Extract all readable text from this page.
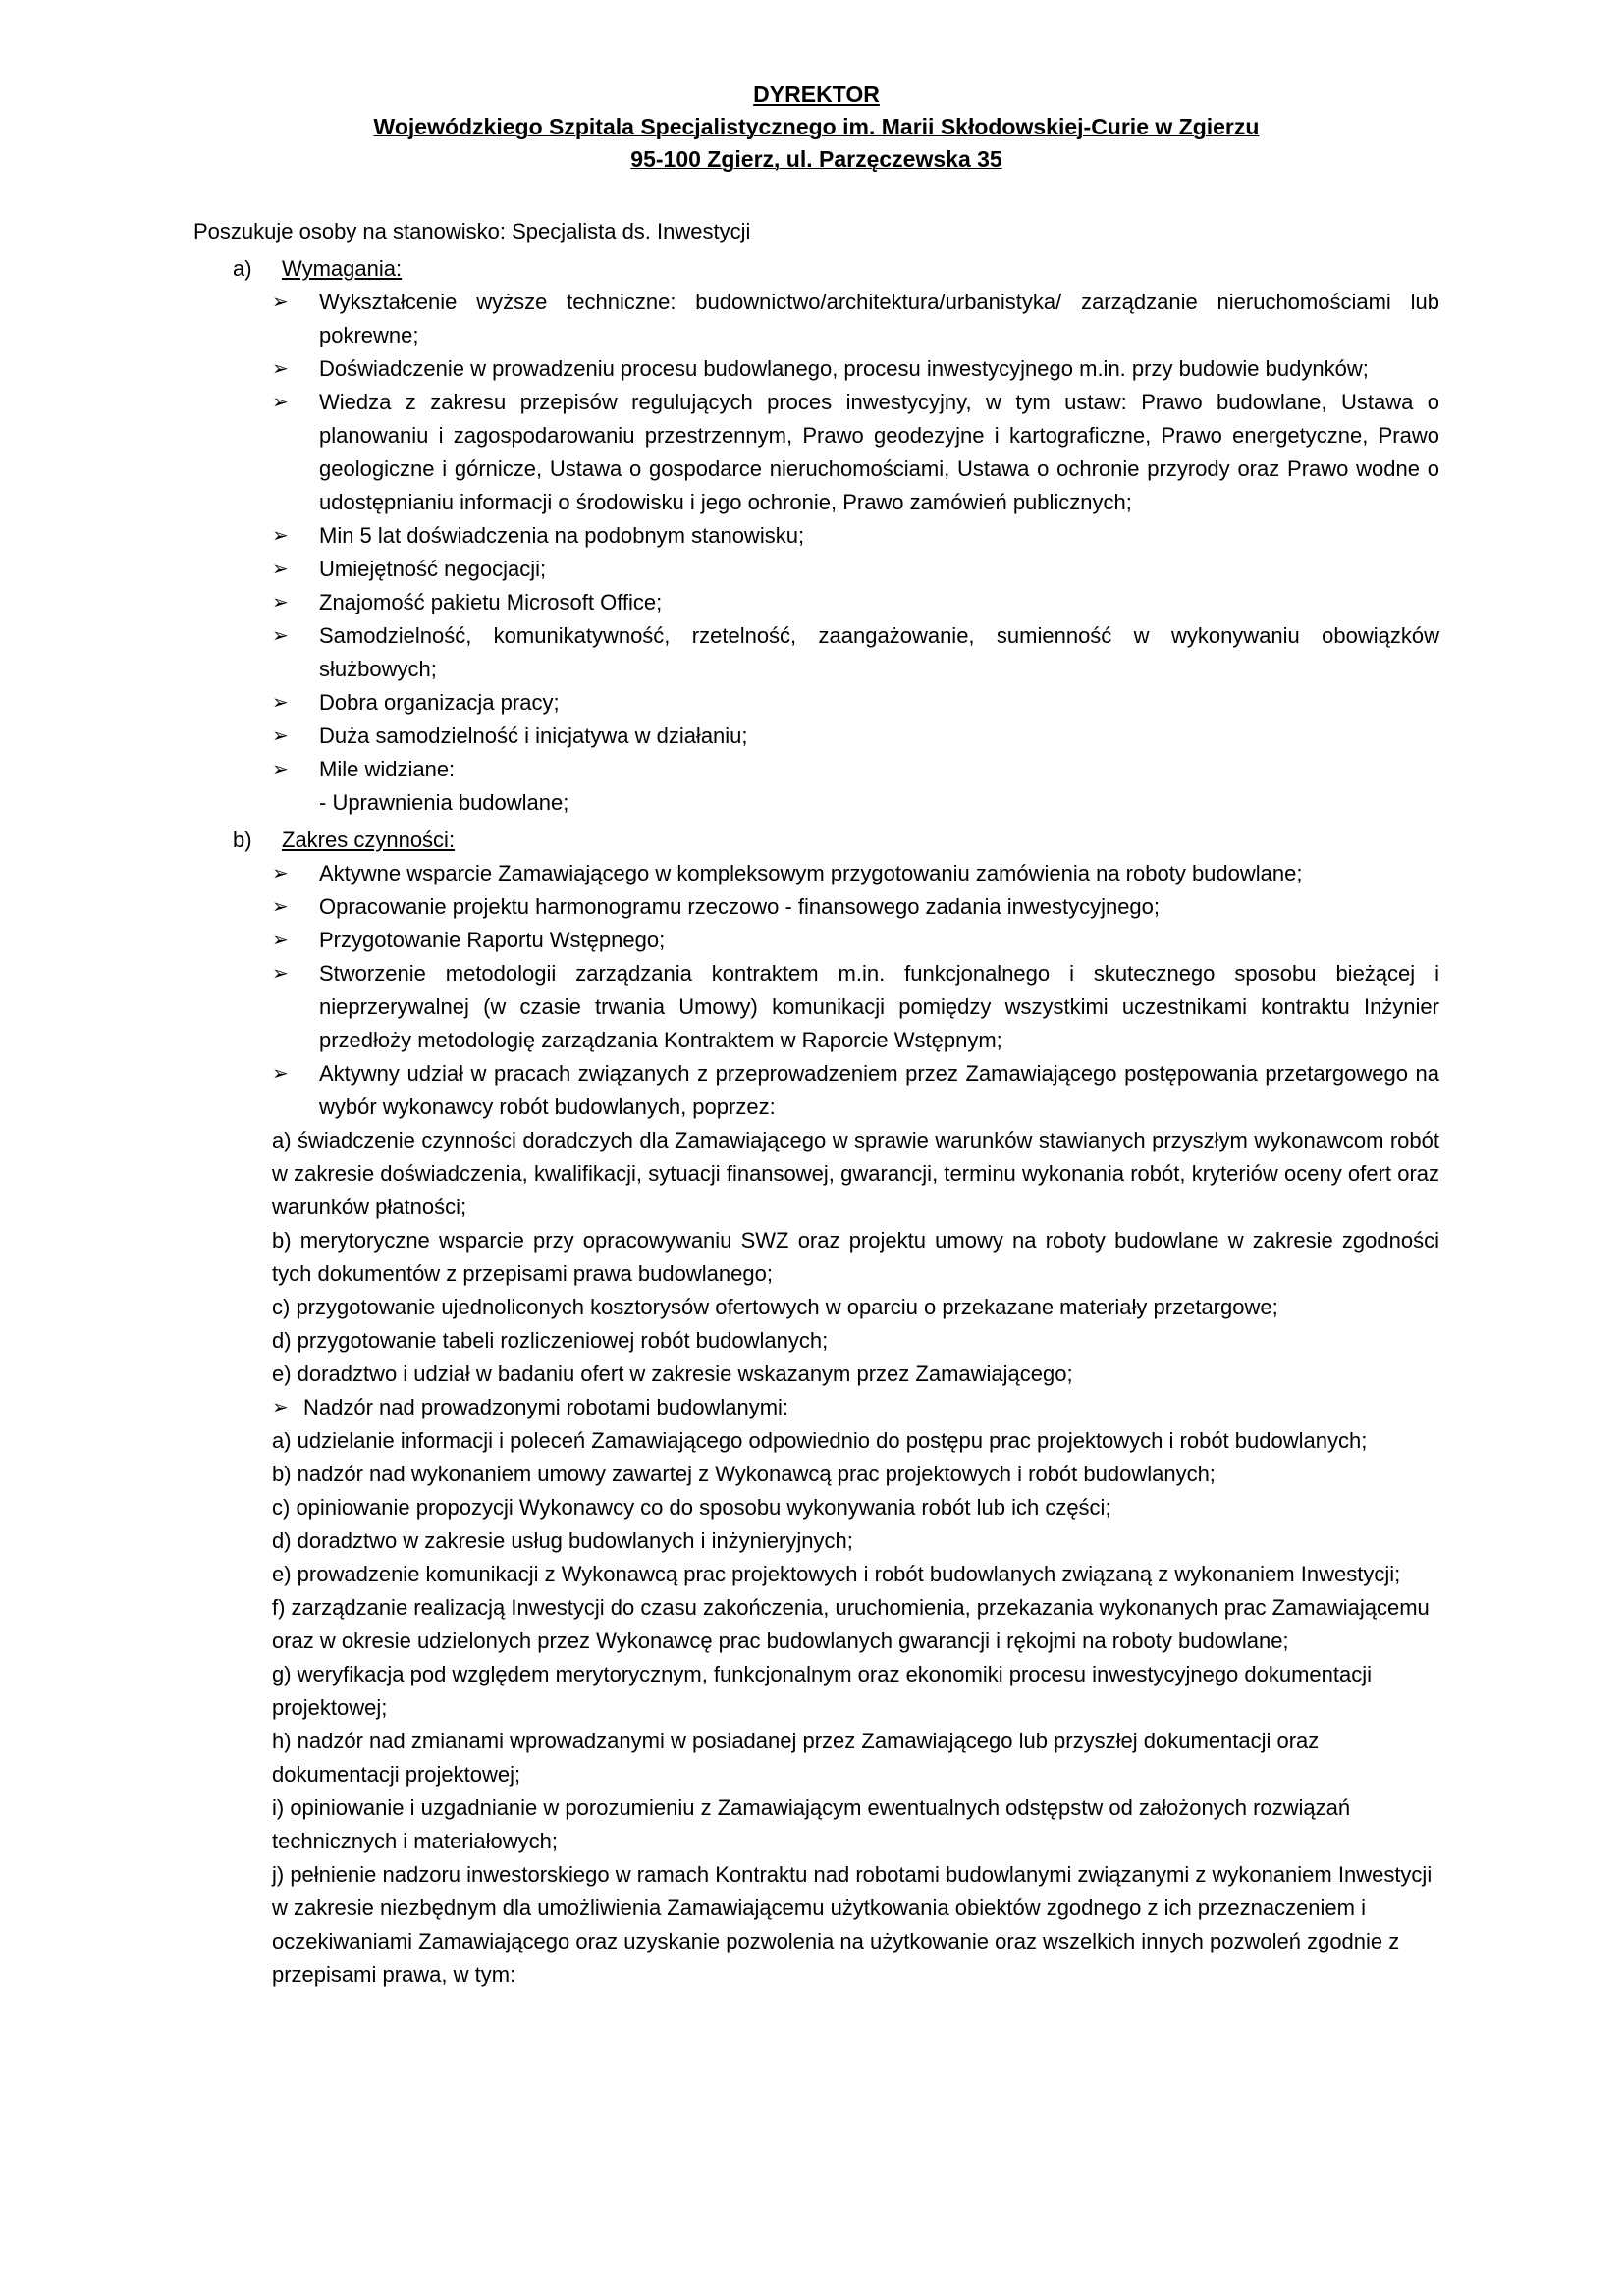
DYREKTOR
Wojewódzkiego Szpitala Specjalistycznego im. Marii Skłodowskiej-Curie w Zgierzu
95-100 Zgierz, ul. Parzęczewska 35
Poszukuje osoby na stanowisko: Specjalista ds. Inwestycji
a) Wymagania:
➢ Wykształcenie wyższe techniczne: budownictwo/architektura/urbanistyka/ zarządzanie nieruchomościami lub pokrewne;
➢ Doświadczenie w prowadzeniu procesu budowlanego, procesu inwestycyjnego m.in. przy budowie budynków;
➢ Wiedza z zakresu przepisów regulujących proces inwestycyjny, w tym ustaw: Prawo budowlane, Ustawa o planowaniu i zagospodarowaniu przestrzennym, Prawo geodezyjne i kartograficzne, Prawo energetyczne, Prawo geologiczne i górnicze, Ustawa o gospodarce nieruchomościami, Ustawa o ochronie przyrody oraz Prawo wodne o udostępnianiu informacji o środowisku i jego ochronie, Prawo zamówień publicznych;
➢ Min 5 lat doświadczenia na podobnym stanowisku;
➢ Umiejętność negocjacji;
➢ Znajomość pakietu Microsoft Office;
➢ Samodzielność, komunikatywność, rzetelność, zaangażowanie, sumienność w wykonywaniu obowiązków służbowych;
➢ Dobra organizacja pracy;
➢ Duża samodzielność i inicjatywa w działaniu;
➢ Mile widziane:
- Uprawnienia budowlane;
b) Zakres czynności:
➢ Aktywne wsparcie Zamawiającego w kompleksowym przygotowaniu zamówienia na roboty budowlane;
➢ Opracowanie projektu harmonogramu rzeczowo - finansowego zadania inwestycyjnego;
➢ Przygotowanie Raportu Wstępnego;
➢ Stworzenie metodologii zarządzania kontraktem m.in. funkcjonalnego i skutecznego sposobu bieżącej i nieprzerywalnej (w czasie trwania Umowy) komunikacji pomiędzy wszystkimi uczestnikami kontraktu Inżynier przedłoży metodologię zarządzania Kontraktem w Raporcie Wstępnym;
➢ Aktywny udział w pracach związanych z przeprowadzeniem przez Zamawiającego postępowania przetargowego na wybór wykonawcy robót budowlanych, poprzez:

a) świadczenie czynności doradczych dla Zamawiającego w sprawie warunków stawianych przyszłym wykonawcom robót w zakresie doświadczenia, kwalifikacji, sytuacji finansowej, gwarancji, terminu wykonania robót, kryteriów oceny ofert oraz warunków płatności;

b) merytoryczne wsparcie przy opracowywaniu SWZ oraz projektu umowy na roboty budowlane w zakresie zgodności tych dokumentów z przepisami prawa budowlanego;

c) przygotowanie ujednoliconych kosztorysów ofertowych w oparciu o przekazane materiały przetargowe;

d) przygotowanie tabeli rozliczeniowej robót budowlanych;

e) doradztwo i udział w badaniu ofert w zakresie wskazanym przez Zamawiającego;

➢ Nadzór nad prowadzonymi robotami budowlanymi:

a) udzielanie informacji i poleceń Zamawiającego odpowiednio do postępu prac projektowych i robót budowlanych;

b) nadzór nad wykonaniem umowy zawartej z Wykonawcą prac projektowych i robót budowlanych;

c) opiniowanie propozycji Wykonawcy co do sposobu wykonywania robót lub ich części;

d) doradztwo w zakresie usług budowlanych i inżynieryjnych;

e) prowadzenie komunikacji z Wykonawcą prac projektowych i robót budowlanych związaną z wykonaniem Inwestycji;

f) zarządzanie realizacją Inwestycji do czasu zakończenia, uruchomienia, przekazania wykonanych prac Zamawiającemu oraz w okresie udzielonych przez Wykonawcę prac budowlanych gwarancji i rękojmi na roboty budowlane;

g) weryfikacja pod względem merytorycznym, funkcjonalnym oraz ekonomiki procesu inwestycyjnego dokumentacji projektowej;

h) nadzór nad zmianami wprowadzanymi w posiadanej przez Zamawiającego lub przyszłej dokumentacji oraz dokumentacji projektowej;

i) opiniowanie i uzgadnianie w porozumieniu z Zamawiającym ewentualnych odstępstw od założonych rozwiązań technicznych i materiałowych;

j) pełnienie nadzoru inwestorskiego w ramach Kontraktu nad robotami budowlanymi związanymi z wykonaniem Inwestycji w zakresie niezbędnym dla umożliwienia Zamawiającemu użytkowania obiektów zgodnego z ich przeznaczeniem i oczekiwaniami Zamawiającego oraz uzyskanie pozwolenia na użytkowanie oraz wszelkich innych pozwoleń zgodnie z przepisami prawa, w tym:
